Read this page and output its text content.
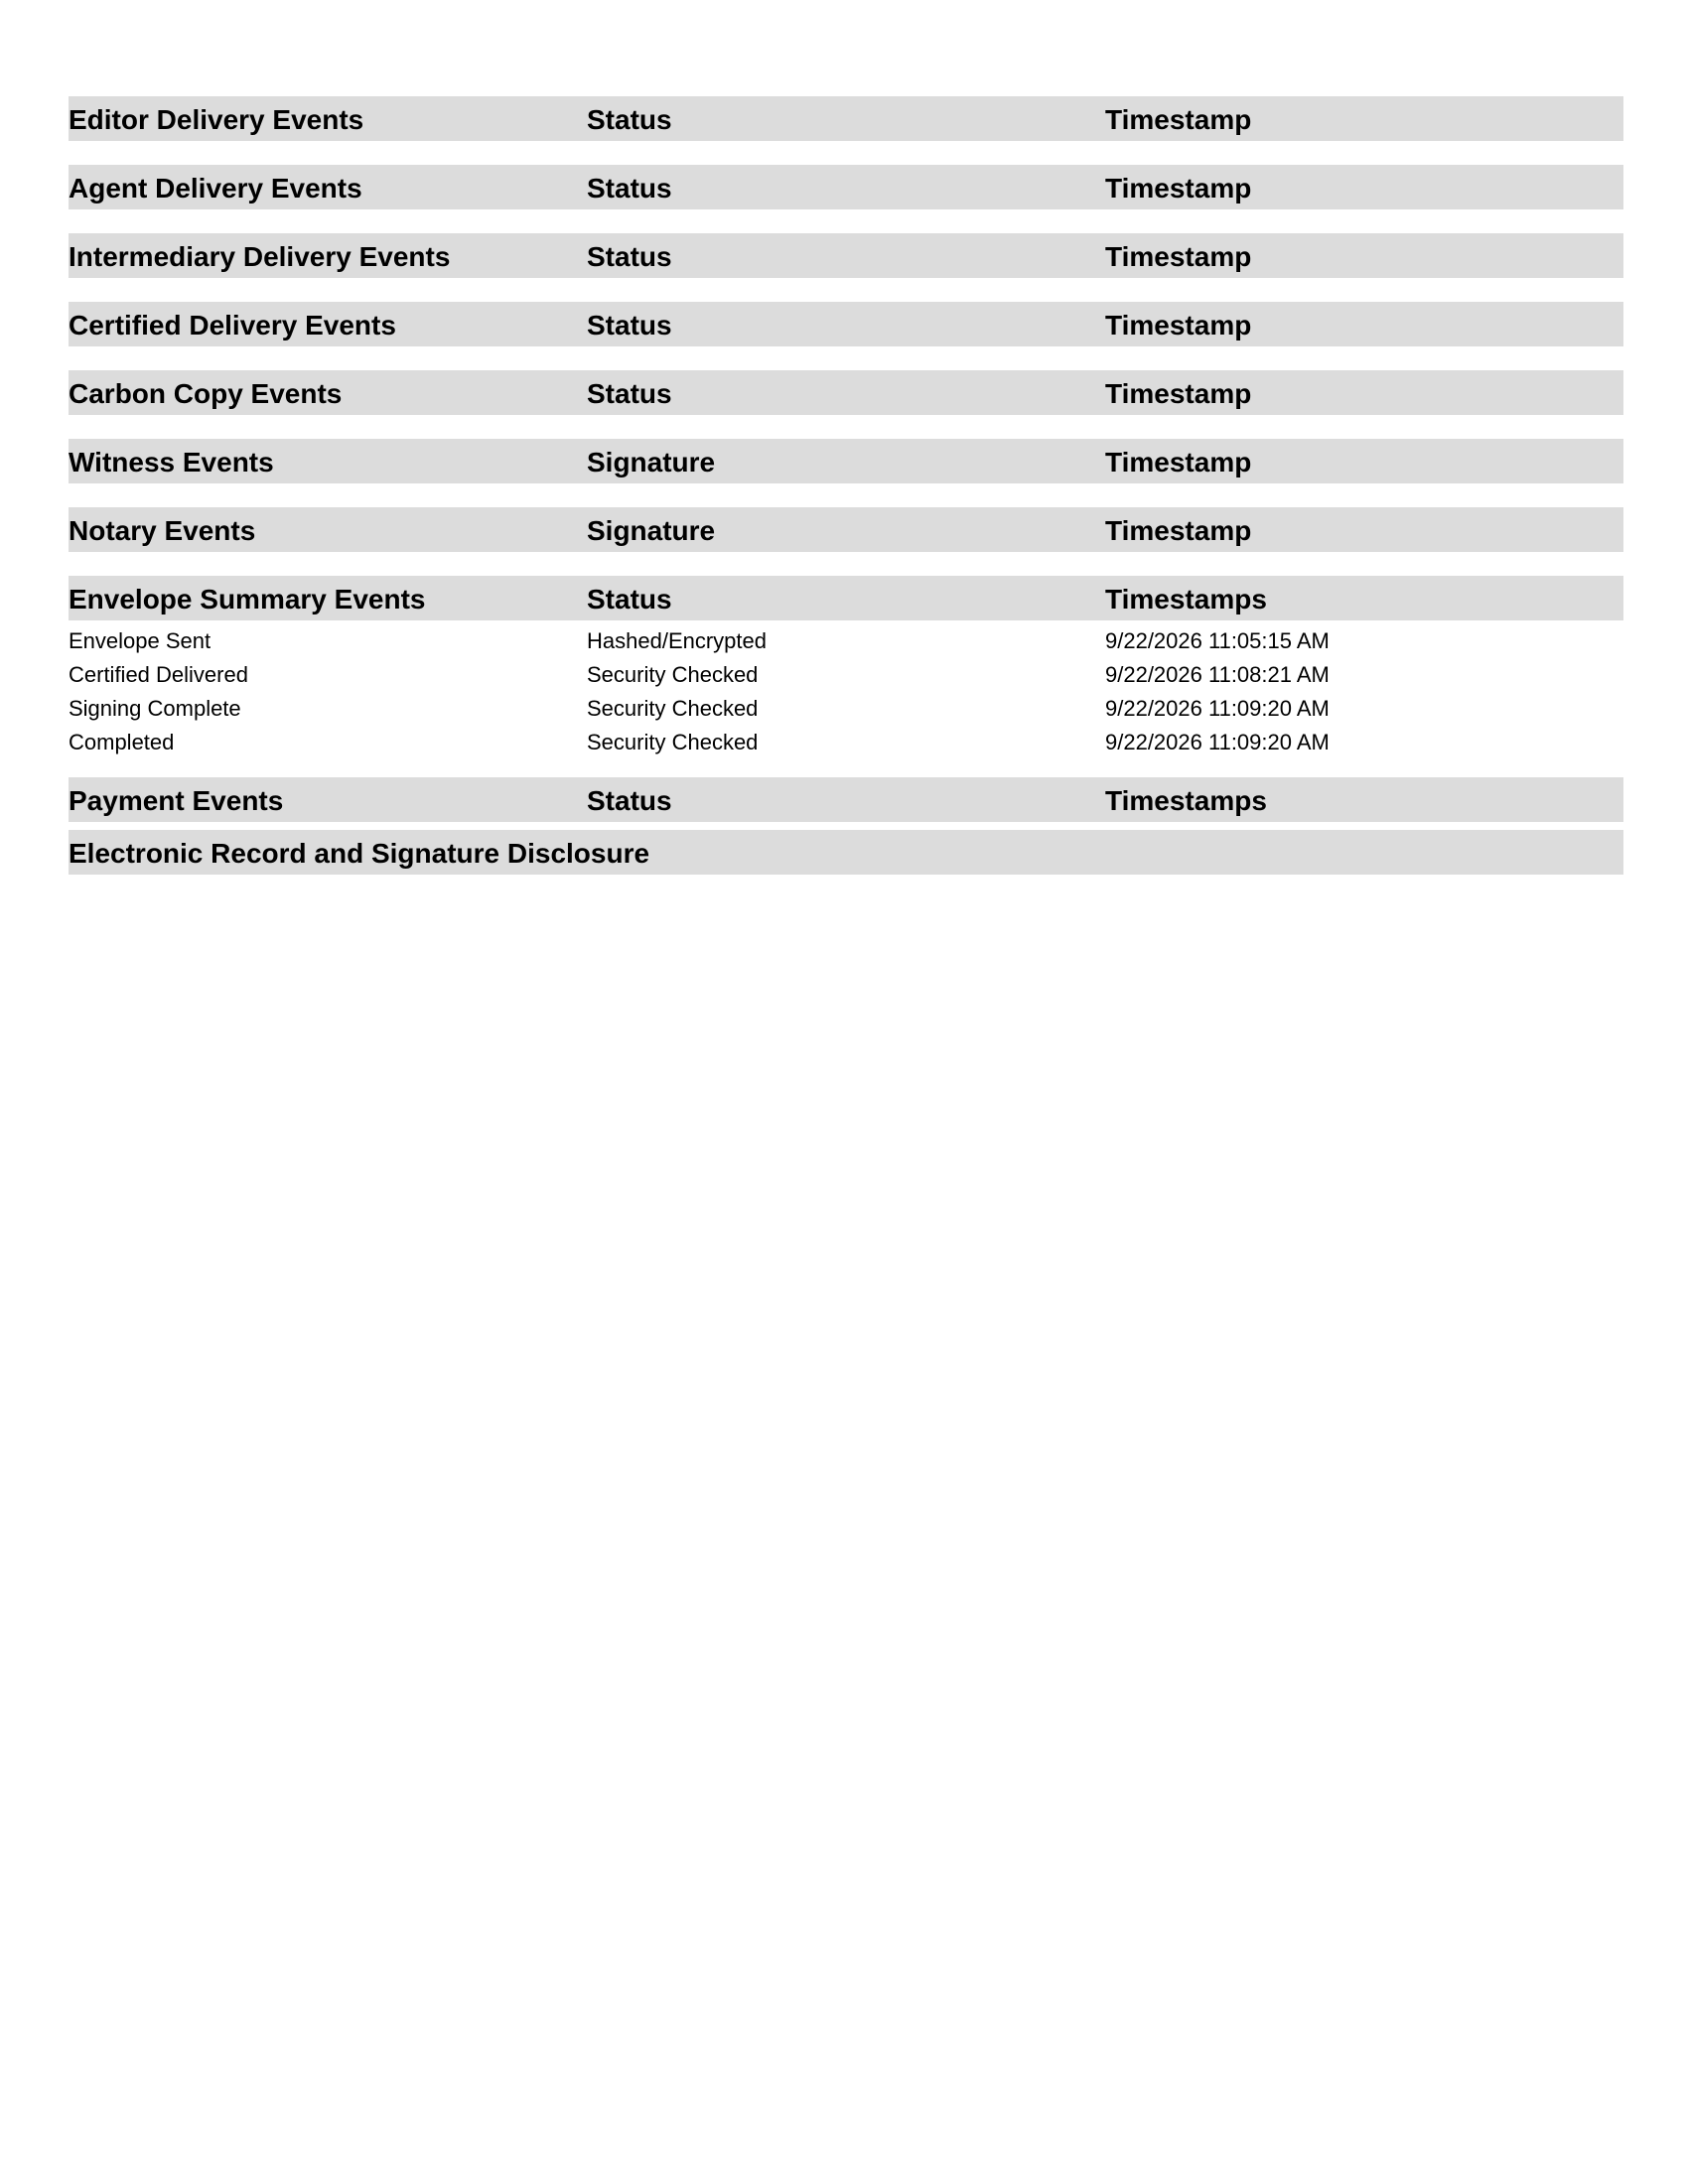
Editor Delivery Events	Status	Timestamp
Agent Delivery Events	Status	Timestamp
Intermediary Delivery Events	Status	Timestamp
Certified Delivery Events	Status	Timestamp
Carbon Copy Events	Status	Timestamp
Witness Events	Signature	Timestamp
Notary Events	Signature	Timestamp
Envelope Summary Events	Status	Timestamps
Envelope Sent	Hashed/Encrypted	9/22/2026 11:05:15 AM
Certified Delivered	Security Checked	9/22/2026 11:08:21 AM
Signing Complete	Security Checked	9/22/2026 11:09:20 AM
Completed	Security Checked	9/22/2026 11:09:20 AM
Payment Events	Status	Timestamps
Electronic Record and Signature Disclosure
